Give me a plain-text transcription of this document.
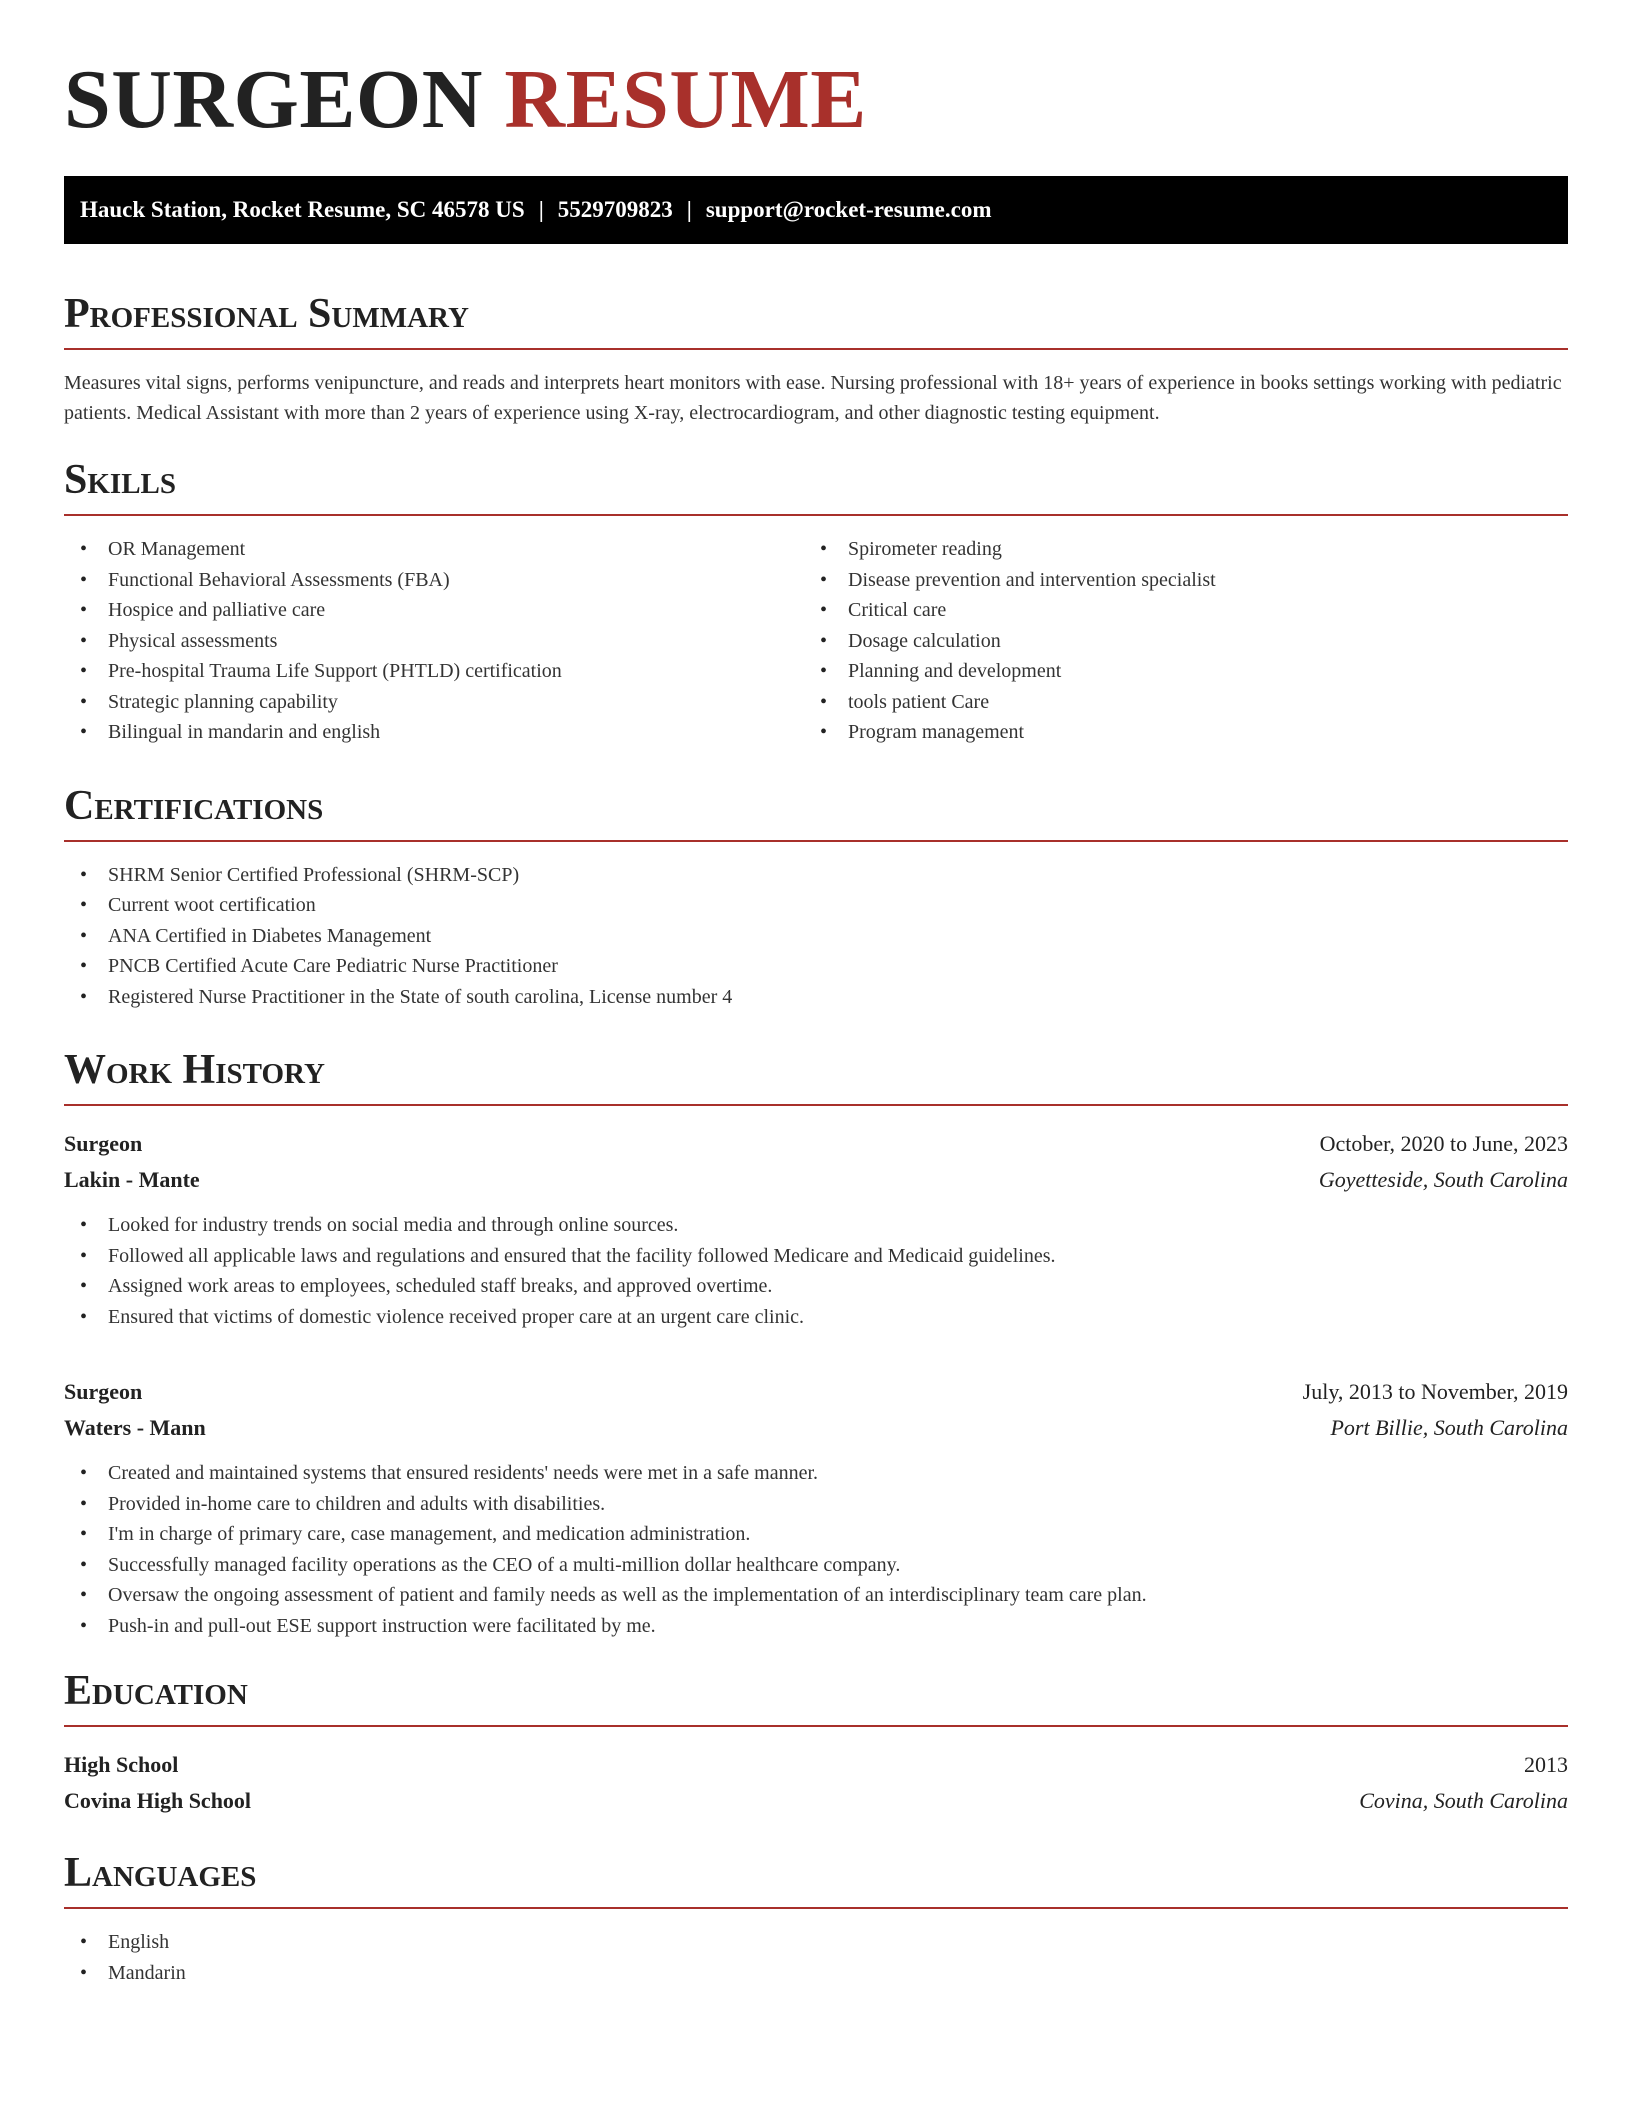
SURGEON RESUME
Hauck Station, Rocket Resume, SC 46578 US | 5529709823 | support@rocket-resume.com
Professional Summary

Measures vital signs, performs venipuncture, and reads and interprets heart monitors with ease. Nursing professional with 18+ years of experience in books settings working with pediatric patients. Medical Assistant with more than 2 years of experience using X-ray, electrocardiogram, and other diagnostic testing equipment.

Skills
• OR Management
• Functional Behavioral Assessments (FBA)
• Hospice and palliative care
• Physical assessments
• Pre-hospital Trauma Life Support (PHTLD) certification
• Strategic planning capability
• Bilingual in mandarin and english
• Spirometer reading
• Disease prevention and intervention specialist
• Critical care
• Dosage calculation
• Planning and development
• tools patient Care
• Program management
Certifications
• SHRM Senior Certified Professional (SHRM-SCP)
• Current woot certification
• ANA Certified in Diabetes Management
• PNCB Certified Acute Care Pediatric Nurse Practitioner
• Registered Nurse Practitioner in the State of south carolina, License number 4
Work History
Surgeon	October, 2020 to June, 2023
Lakin - Mante	Goyetteside, South Carolina
• Looked for industry trends on social media and through online sources.
• Followed all applicable laws and regulations and ensured that the facility followed Medicare and Medicaid guidelines.
• Assigned work areas to employees, scheduled staff breaks, and approved overtime.
• Ensured that victims of domestic violence received proper care at an urgent care clinic.
Surgeon	July, 2013 to November, 2019
Waters - Mann	Port Billie, South Carolina
• Created and maintained systems that ensured residents' needs were met in a safe manner.
• Provided in-home care to children and adults with disabilities.
• I'm in charge of primary care, case management, and medication administration.
• Successfully managed facility operations as the CEO of a multi-million dollar healthcare company.
• Oversaw the ongoing assessment of patient and family needs as well as the implementation of an interdisciplinary team care plan.
• Push-in and pull-out ESE support instruction were facilitated by me.
Education
High School	2013
Covina High School	Covina, South Carolina
Languages
• English
• Mandarin
